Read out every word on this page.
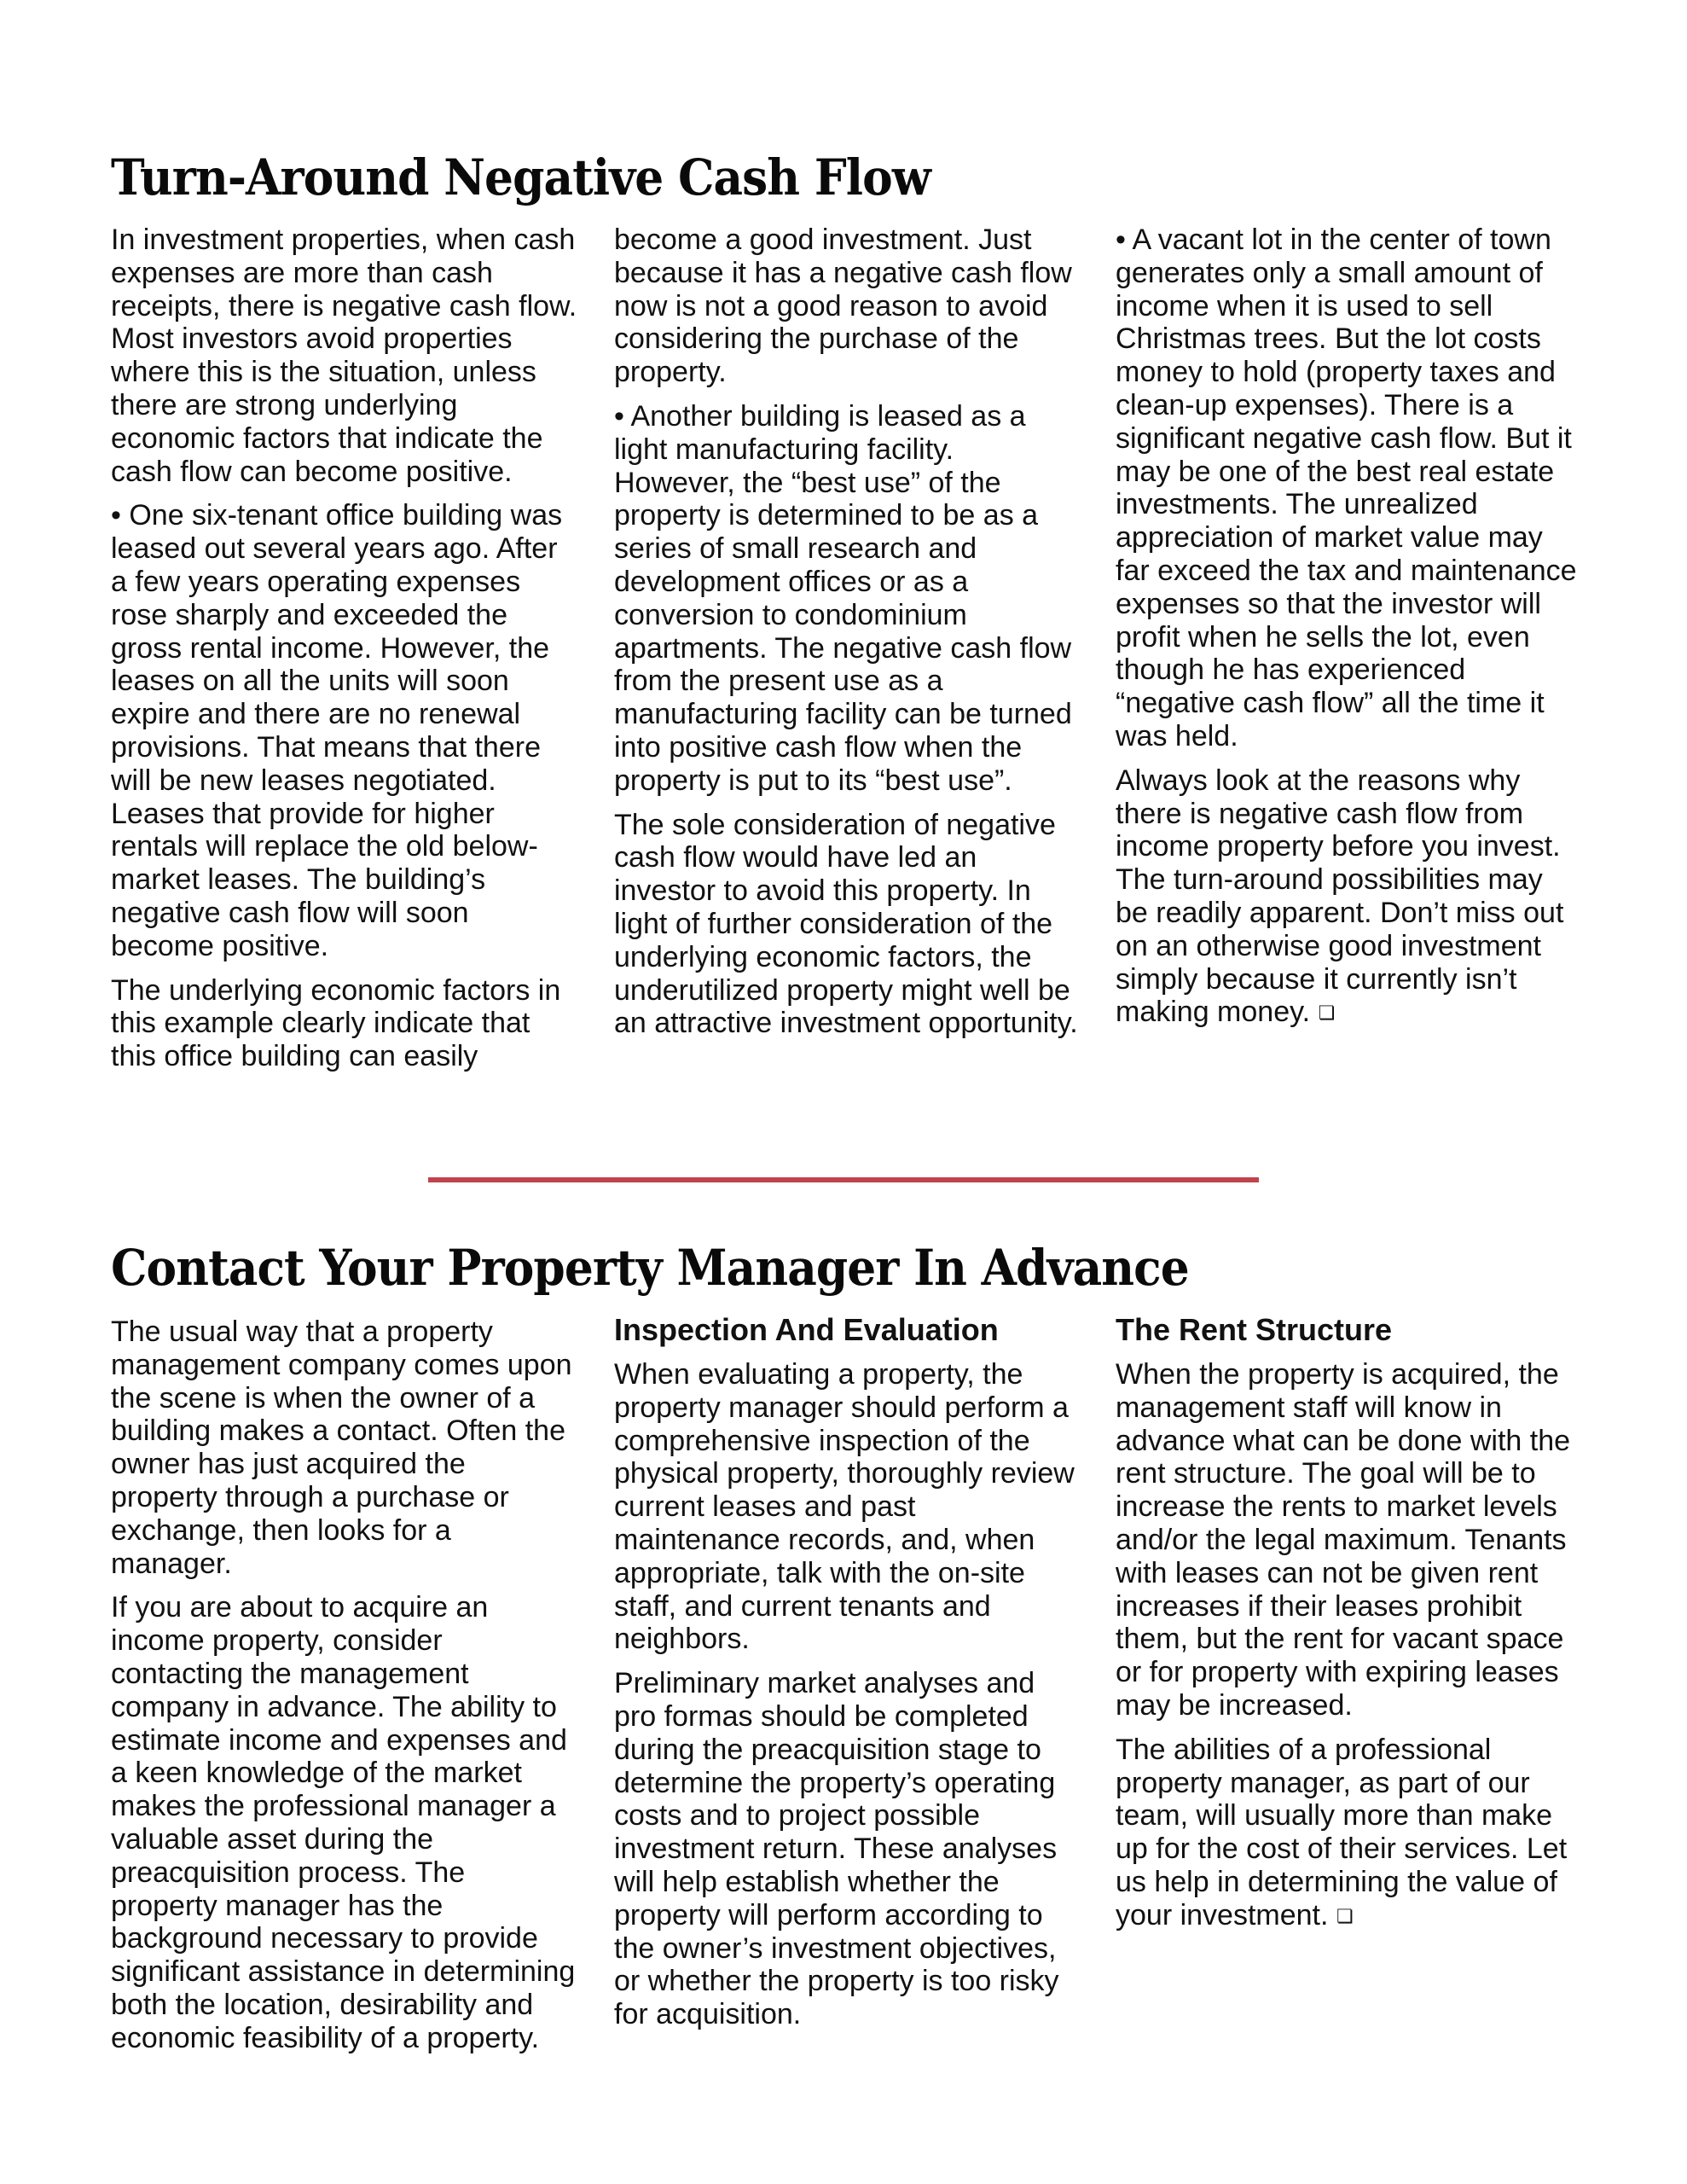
Turn-Around Negative Cash Flow

In investment properties, when cash expenses are more than cash receipts, there is negative cash flow. Most investors avoid properties where this is the situation, unless there are strong underlying economic factors that indicate the cash flow can become positive.

• One six-tenant office building was leased out several years ago. After a few years operating expenses rose sharply and exceeded the gross rental income. However, the leases on all the units will soon expire and there are no renewal provisions. That means that there will be new leases negotiated. Leases that provide for higher rentals will replace the old below-market leases. The building’s negative cash flow will soon become positive.

The underlying economic factors in this example clearly indicate that this office building can easily

become a good investment. Just because it has a negative cash flow now is not a good reason to avoid considering the purchase of the property.

• Another building is leased as a light manufacturing facility. However, the “best use” of the property is determined to be as a series of small research and development offices or as a conversion to condominium apartments. The negative cash flow from the present use as a manufacturing facility can be turned into positive cash flow when the property is put to its “best use”.

The sole consideration of negative cash flow would have led an investor to avoid this property. In light of further consideration of the underlying economic factors, the underutilized property might well be an attractive investment opportunity.

• A vacant lot in the center of town generates only a small amount of income when it is used to sell Christmas trees. But the lot costs money to hold (property taxes and clean-up expenses). There is a significant negative cash flow. But it may be one of the best real estate investments. The unrealized appreciation of market value may far exceed the tax and maintenance expenses so that the investor will profit when he sells the lot, even though he has experienced “negative cash flow” all the time it was held.

Always look at the reasons why there is negative cash flow from income property before you invest. The turn-around possibilities may be readily apparent. Don’t miss out on an otherwise good investment simply because it currently isn’t making money. ❏

Contact Your Property Manager In Advance

The usual way that a property management company comes upon the scene is when the owner of a building makes a contact. Often the owner has just acquired the property through a purchase or exchange, then looks for a manager.

If you are about to acquire an income property, consider contacting the management company in advance. The ability to estimate income and expenses and a keen knowledge of the market makes the professional manager a valuable asset during the preacquisition process. The property manager has the background necessary to provide significant assistance in determining both the location, desirability and economic feasibility of a property.

Inspection And Evaluation

When evaluating a property, the property manager should perform a comprehensive inspection of the physical property, thoroughly review current leases and past maintenance records, and, when appropriate, talk with the on-site staff, and current tenants and neighbors.

Preliminary market analyses and pro formas should be completed during the preacquisition stage to determine the property’s operating costs and to project possible investment return. These analyses will help establish whether the property will perform according to the owner’s investment objectives, or whether the property is too risky for acquisition.

The Rent Structure

When the property is acquired, the management staff will know in advance what can be done with the rent structure. The goal will be to increase the rents to market levels and/or the legal maximum. Tenants with leases can not be given rent increases if their leases prohibit them, but the rent for vacant space or for property with expiring leases may be increased.

The abilities of a professional property manager, as part of our team, will usually more than make up for the cost of their services. Let us help in determining the value of your investment. ❏
